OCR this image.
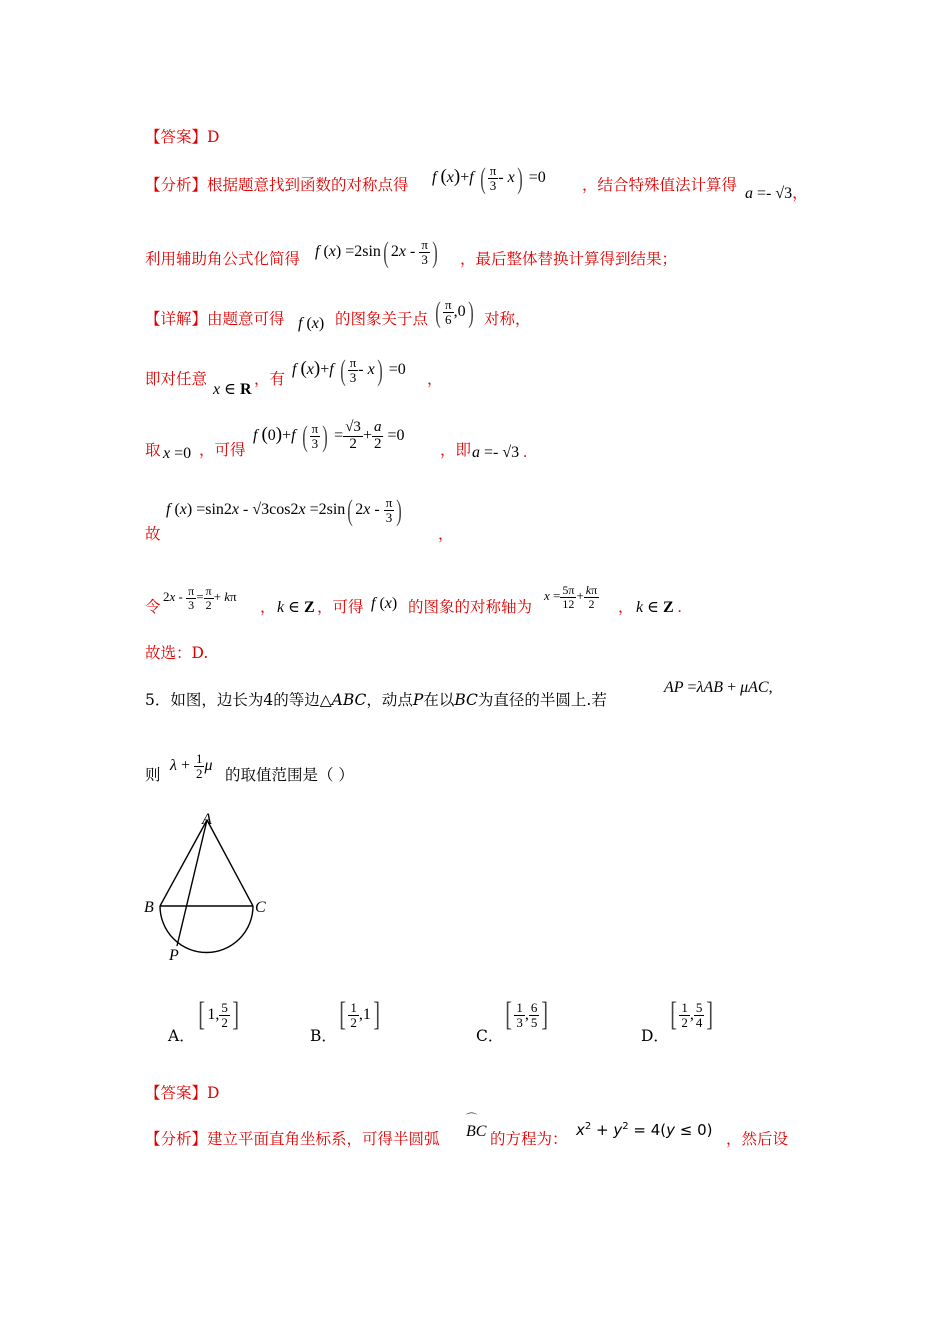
【答案】D
【分析】根据题意找到函数的对称点得 f (x)+f ( $\frac{\pi}{3} - x) =0$ ，结合特殊值法计算得 a =- √3，
利用辅助角公式化简得 f (x) =2sin( $2x - \frac{\pi}{3}$ ) ，最后整体替换计算得到结果；
【详解】由题意可得 f (x) 的图象关于点 ( $\frac{\pi}{6} ,0$) 对称，
即对任意
x ∈ R
，有
f (x)+f ( $\frac{\pi}{3} - x) =0$
，
取 x =0 ，可得
f (0)+f ( $\frac{\pi}{3}$ ) = $\frac{√3}{2} + \frac{a}{2} =0$
，即 a =- √3 .
f (x) =sin2x - √3cos2x =2sin( $2x - \frac{\pi}{3}$ )
故	，
令
$2x - \frac{\pi}{3} = \frac{\pi}{2} + k\pi$
， k ∈ Z ，可得 f (x) 的图象的对称轴为
$x = \frac{5\pi}{12} + \frac{k\pi}{2}$ ， k ∈ Z .
故选：D.
5．如图，边长为4的等边△ABC，动点P在以BC为直径的半圆上.若
AP =λAB + μAC,
则
$\lambda + \frac{1}{2}$ μ
的取值范围是（ ）
A
B	C
P
A．
[ 1, $\frac{5}{2}$ ]
B．
[ $\frac{1}{2} ,1$]
C．
[ $\frac{1}{3}$ , $\frac{6}{5}$ ]
D．
[ $\frac{1}{2}$ , $\frac{5}{4}$ ]
【答案】D
【分析】建立平面直角坐标系，可得半圆弧
⌒
BC 的方程为： $x^2 + y^2 = 4(y \le 0)$ ，然后设
